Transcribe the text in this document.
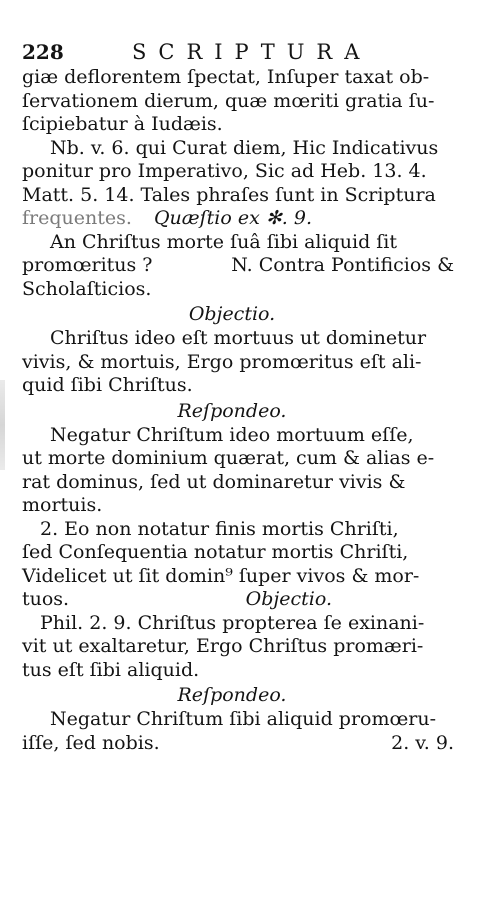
228	SCRIPTURA
giæ deflorentem ſpectat, Inſuper taxat ob-
ſervationem dierum, quæ mœriti gratia ſu-
ſcipiebatur à Iudæis.
Nb. v. 6. qui Curat diem, Hic Indicativus
ponitur pro Imperativo, Sic ad Heb. 13. 4.
Matt. 5. 14. Tales phraſes ſunt in Scriptura
frequentes. Quæſtio ex ✻. 9.
An Chriſtus morte ſuâ ſibi aliquid ſit
promœritus ?	N. Contra Pontificios &
Scholaſticios.
Objectio.
Chriſtus ideo eſt mortuus ut dominetur
vivis, & mortuis, Ergo promœritus eſt ali-
quid ſibi Chriſtus.
Reſpondeo.
Negatur Chriſtum ideo mortuum eſſe,
ut morte dominium quærat, cum & alias e-
rat dominus, ſed ut dominaretur vivis &
mortuis.
2. Eo non notatur finis mortis Chriſti,
ſed Conſequentia notatur mortis Chriſti,
Videlicet ut ſit domin⁹ ſuper vivos & mor-
tuos.	Objectio.
Phil. 2. 9. Chriſtus propterea ſe exinani-
vit ut exaltaretur, Ergo Chriſtus promæri-
tus eſt ſibi aliquid.
Reſpondeo.
Negatur Chriſtum ſibi aliquid promœru-
iſſe, ſed nobis.	2. v. 9.
